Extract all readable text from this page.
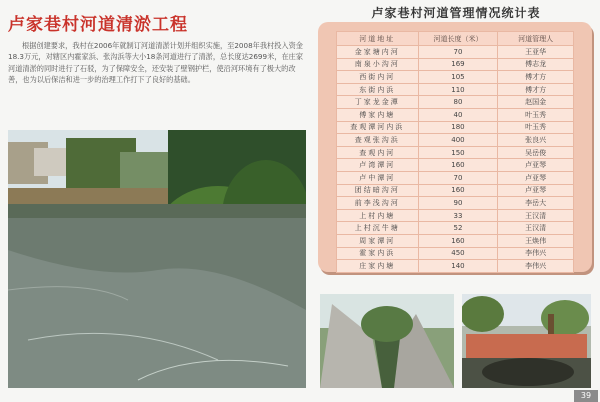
卢家巷村河道清淤工程
根据创建要求，我村在2006年就制订河道清淤计划并组织实施，至2008年我村投入资金18.3万元，对辖区内霍家浜、张沟浜等大小18条河道进行了清淤，总长度达2699米，在庄家河道清淤的同时进行了石驳，为了保障安全，还安装了壁钢护栏，使沿河环境有了极大的改善，也为以后保洁和进一步的治理工作打下了良好的基础。
卢家巷村河道管理情况统计表
河道地址	河道长度（米）	河道管理人
金家塘内河	70	王亚华
南泉小沟河	169	傅志龙
西街内河	105	傅才方
东街内浜	110	傅才方
丁家龙金潭	80	赵国金
傅家内塘	40	叶玉秀
查观潭河内浜	180	叶玉秀
查观张沟浜	400	张良兴
查观内河	150	吴岳俊
卢湾潭河	160	卢亚琴
卢中潭河	70	卢亚琴
团结暗沟河	160	卢亚琴
前李浅沟河	90	李岳大
上村内塘	33	王汉清
上村沉牛塘	52	王汉清
周家潭河	160	王焕伟
霍家内浜	450	李伟兴
庄家内塘	140	李伟兴
39
